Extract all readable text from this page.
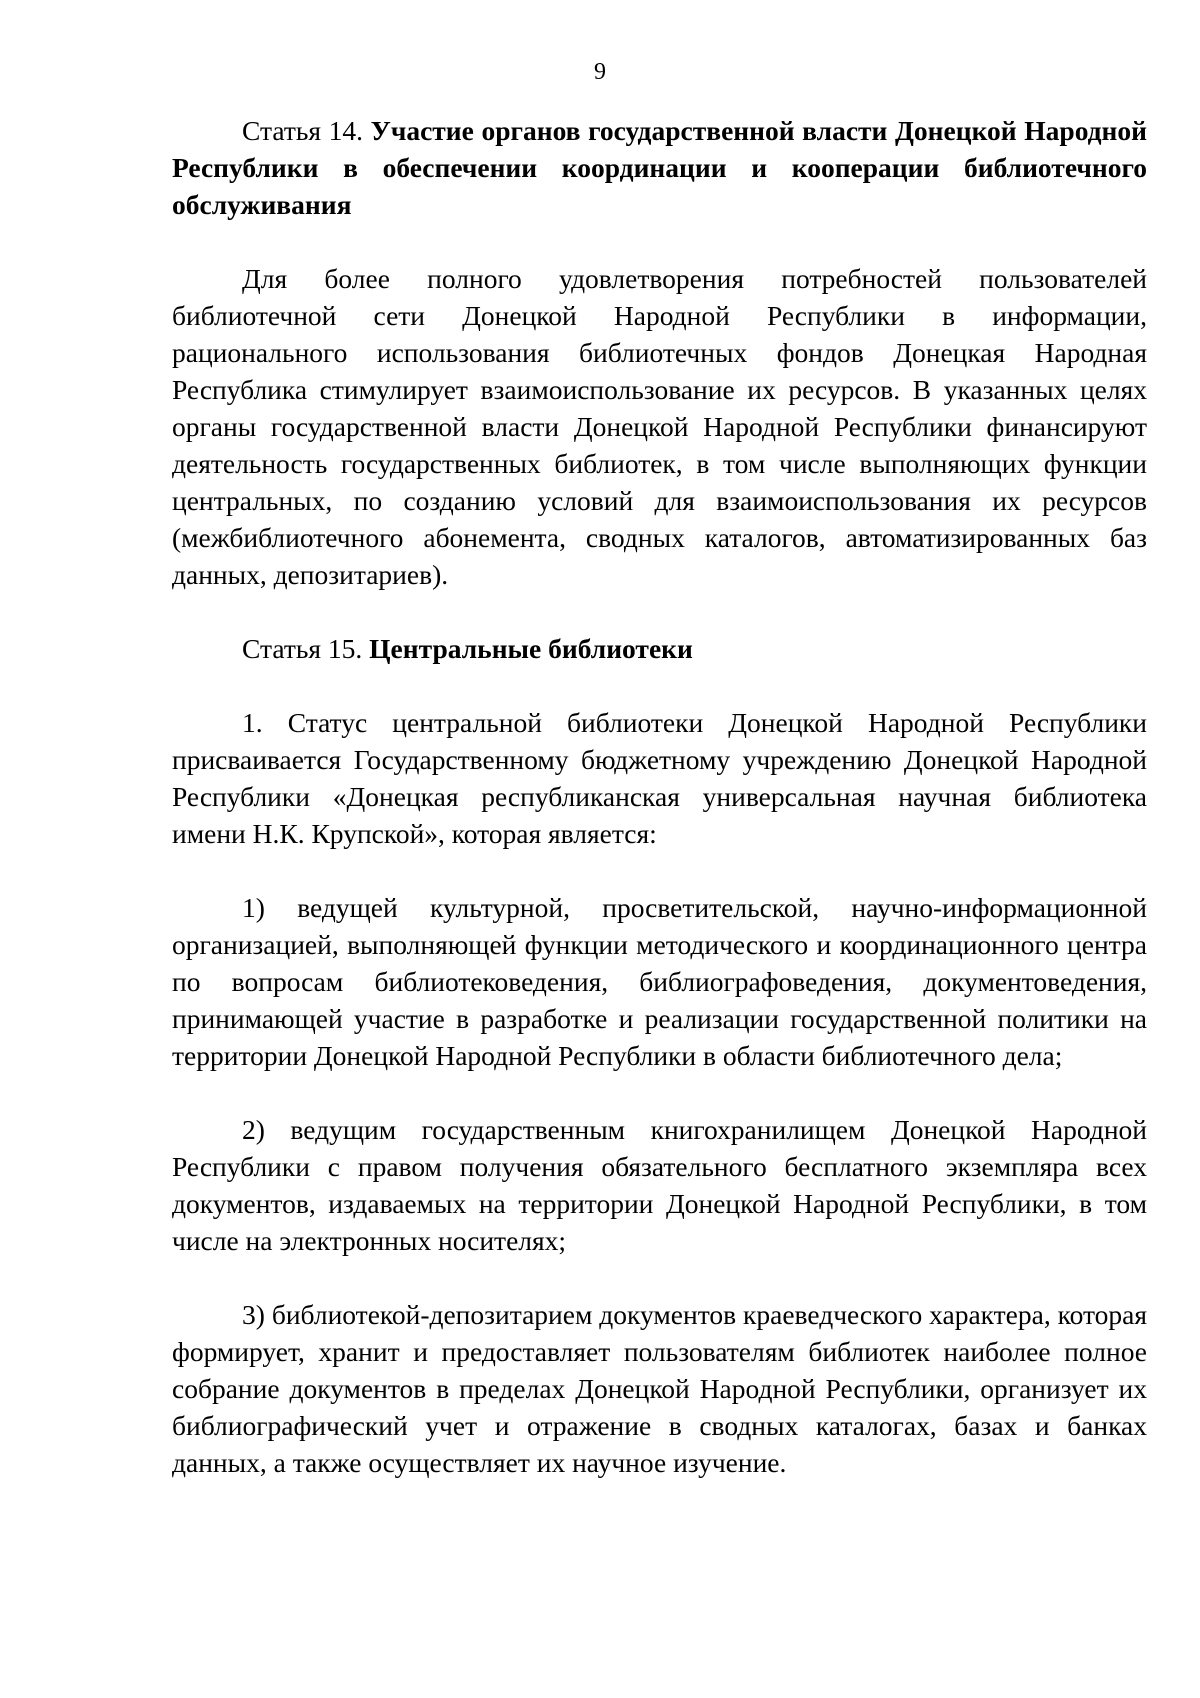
9

Статья 14. Участие органов государственной власти Донецкой Народной Республики в обеспечении координации и кооперации библиотечного обслуживания

Для более полного удовлетворения потребностей пользователей библиотечной сети Донецкой Народной Республики в информации, рационального использования библиотечных фондов Донецкая Народная Республика стимулирует взаимоиспользование их ресурсов. В указанных целях органы государственной власти Донецкой Народной Республики финансируют деятельность государственных библиотек, в том числе выполняющих функции центральных, по созданию условий для взаимоиспользования их ресурсов (межбиблиотечного абонемента, сводных каталогов, автоматизированных баз данных, депозитариев).

Статья 15. Центральные библиотеки

1. Статус центральной библиотеки Донецкой Народной Республики присваивается Государственному бюджетному учреждению Донецкой Народной Республики «Донецкая республиканская универсальная научная библиотека имени Н.К. Крупской», которая является:

1) ведущей культурной, просветительской, научно-информационной организацией, выполняющей функции методического и координационного центра по вопросам библиотековедения, библиографоведения, документоведения, принимающей участие в разработке и реализации государственной политики на территории Донецкой Народной Республики в области библиотечного дела;

2) ведущим государственным книгохранилищем Донецкой Народной Республики с правом получения обязательного бесплатного экземпляра всех документов, издаваемых на территории Донецкой Народной Республики, в том числе на электронных носителях;

3) библиотекой-депозитарием документов краеведческого характера, которая формирует, хранит и предоставляет пользователям библиотек наиболее полное собрание документов в пределах Донецкой Народной Республики, организует их библиографический учет и отражение в сводных каталогах, базах и банках данных, а также осуществляет их научное изучение.
